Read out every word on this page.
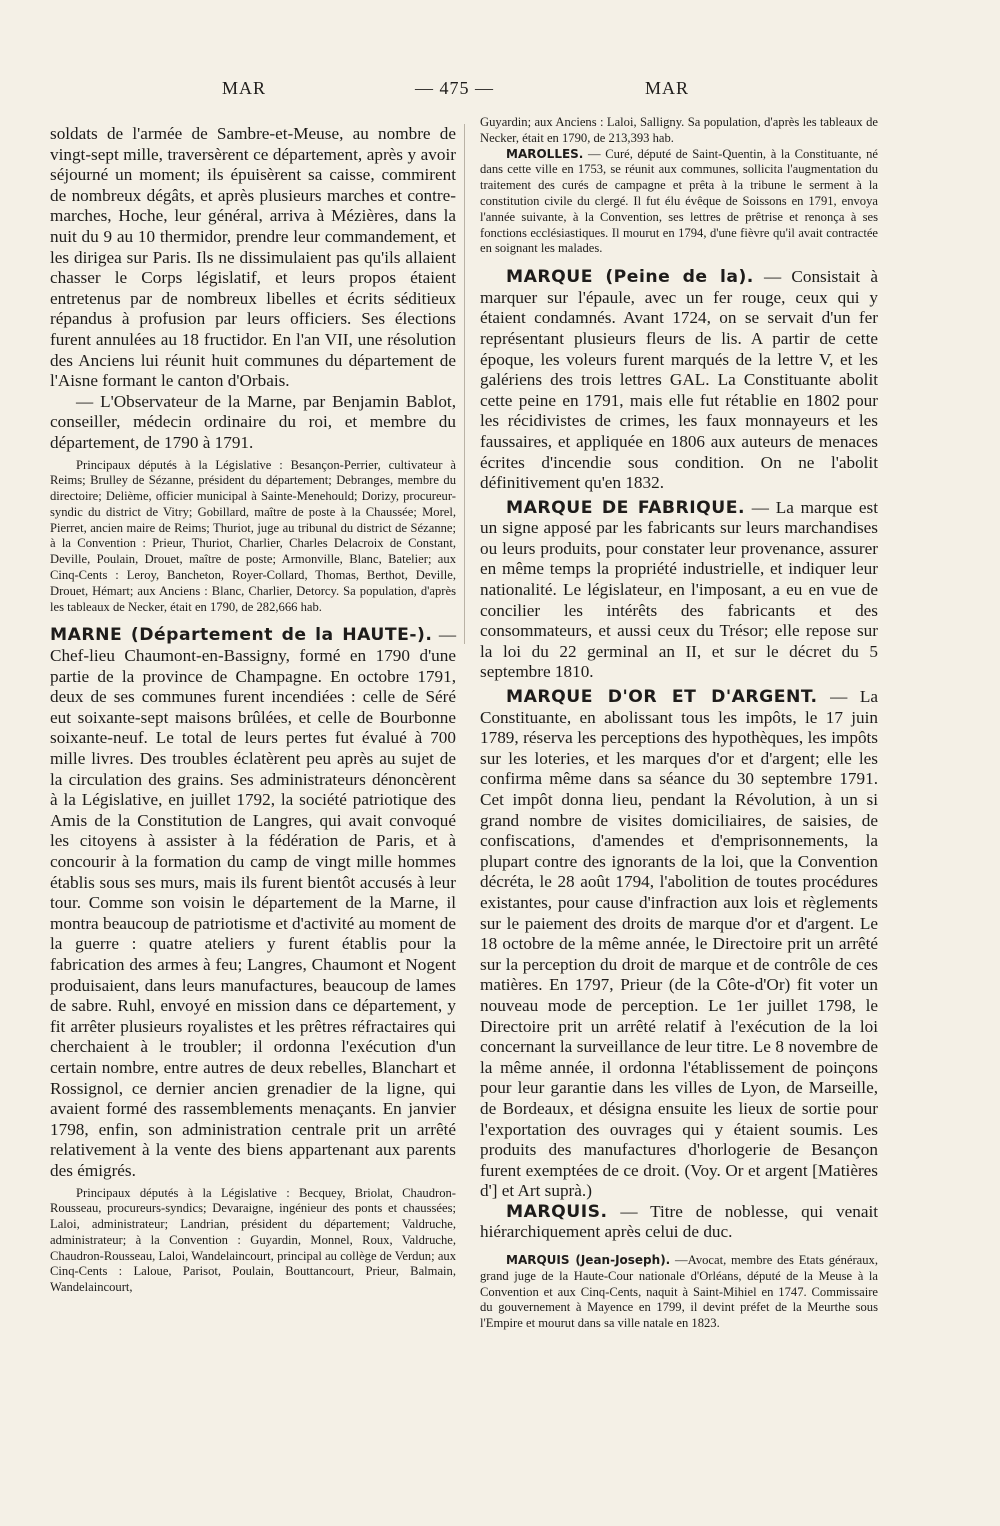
MAR	— 475 —	MAR

soldats de l'armée de Sambre-et-Meuse, au nombre de vingt-sept mille, traversèrent ce département, après y avoir séjourné un moment; ils épuisèrent sa caisse, commirent de nombreux dégâts, et après plusieurs marches et contre-marches, Hoche, leur général, arriva à Mézières, dans la nuit du 9 au 10 thermidor, prendre leur commandement, et les dirigea sur Paris. Ils ne dissimulaient pas qu'ils allaient chasser le Corps législatif, et leurs propos étaient entretenus par de nombreux libelles et écrits séditieux répandus à profusion par leurs officiers. Ses élections furent annulées au 18 fructidor. En l'an VII, une résolution des Anciens lui réunit huit communes du département de l'Aisne formant le canton d'Orbais.

— L'Observateur de la Marne, par Benjamin Bablot, conseiller, médecin ordinaire du roi, et membre du département, de 1790 à 1791.

Principaux députés à la Législative : Besançon-Perrier, cultivateur à Reims; Brulley de Sézanne, président du département; Debranges, membre du directoire; Delième, officier municipal à Sainte-Menehould; Dorizy, procureur-syndic du district de Vitry; Gobillard, maître de poste à la Chaussée; Morel, Pierret, ancien maire de Reims; Thuriot, juge au tribunal du district de Sézanne; à la Convention : Prieur, Thuriot, Charlier, Charles Delacroix de Constant, Deville, Poulain, Drouet, maître de poste; Armonville, Blanc, Batelier; aux Cinq-Cents : Leroy, Bancheton, Royer-Collard, Thomas, Berthot, Deville, Drouet, Hémart; aux Anciens : Blanc, Charlier, Detorcy. Sa population, d'après les tableaux de Necker, était en 1790, de 282,666 hab.

MARNE (Département de la HAUTE-). — Chef-lieu Chaumont-en-Bassigny, formé en 1790 d'une partie de la province de Champagne. En octobre 1791, deux de ses communes furent incendiées : celle de Séré eut soixante-sept maisons brûlées, et celle de Bourbonne soixante-neuf. Le total de leurs pertes fut évalué à 700 mille livres. Des troubles éclatèrent peu après au sujet de la circulation des grains. Ses administrateurs dénoncèrent à la Législative, en juillet 1792, la société patriotique des Amis de la Constitution de Langres, qui avait convoqué les citoyens à assister à la fédération de Paris, et à concourir à la formation du camp de vingt mille hommes établis sous ses murs, mais ils furent bientôt accusés à leur tour. Comme son voisin le département de la Marne, il montra beaucoup de patriotisme et d'activité au moment de la guerre : quatre ateliers y furent établis pour la fabrication des armes à feu; Langres, Chaumont et Nogent produisaient, dans leurs manufactures, beaucoup de lames de sabre. Ruhl, envoyé en mission dans ce département, y fit arrêter plusieurs royalistes et les prêtres réfractaires qui cherchaient à le troubler; il ordonna l'exécution d'un certain nombre, entre autres de deux rebelles, Blanchart et Rossignol, ce dernier ancien grenadier de la ligne, qui avaient formé des rassemblements menaçants. En janvier 1798, enfin, son administration centrale prit un arrêté relativement à la vente des biens appartenant aux parents des émigrés.

Principaux députés à la Législative : Becquey, Briolat, Chaudron-Rousseau, procureurs-syndics; Devaraigne, ingénieur des ponts et chaussées; Laloi, administrateur; Landrian, président du département; Valdruche, administrateur; à la Convention : Guyardin, Monnel, Roux, Valdruche, Chaudron-Rousseau, Laloi, Wandelaincourt, principal au collège de Verdun; aux Cinq-Cents : Laloue, Parisot, Poulain, Bouttancourt, Prieur, Balmain, Wandelaincourt,

Guyardin; aux Anciens : Laloi, Salligny. Sa population, d'après les tableaux de Necker, était en 1790, de 213,393 hab.

MAROLLES. — Curé, député de Saint-Quentin, à la Constituante, né dans cette ville en 1753, se réunit aux communes, sollicita l'augmentation du traitement des curés de campagne et prêta à la tribune le serment à la constitution civile du clergé. Il fut élu évêque de Soissons en 1791, envoya l'année suivante, à la Convention, ses lettres de prêtrise et renonça à ses fonctions ecclésiastiques. Il mourut en 1794, d'une fièvre qu'il avait contractée en soignant les malades.

MARQUE (Peine de la). — Consistait à marquer sur l'épaule, avec un fer rouge, ceux qui y étaient condamnés. Avant 1724, on se servait d'un fer représentant plusieurs fleurs de lis. A partir de cette époque, les voleurs furent marqués de la lettre V, et les galériens des trois lettres GAL. La Constituante abolit cette peine en 1791, mais elle fut rétablie en 1802 pour les récidivistes de crimes, les faux monnayeurs et les faussaires, et appliquée en 1806 aux auteurs de menaces écrites d'incendie sous condition. On ne l'abolit définitivement qu'en 1832.

MARQUE DE FABRIQUE. — La marque est un signe apposé par les fabricants sur leurs marchandises ou leurs produits, pour constater leur provenance, assurer en même temps la propriété industrielle, et indiquer leur nationalité. Le législateur, en l'imposant, a eu en vue de concilier les intérêts des fabricants et des consommateurs, et aussi ceux du Trésor; elle repose sur la loi du 22 germinal an II, et sur le décret du 5 septembre 1810.

MARQUE D'OR ET D'ARGENT. — La Constituante, en abolissant tous les impôts, le 17 juin 1789, réserva les perceptions des hypothèques, les impôts sur les loteries, et les marques d'or et d'argent; elle les confirma même dans sa séance du 30 septembre 1791. Cet impôt donna lieu, pendant la Révolution, à un si grand nombre de visites domiciliaires, de saisies, de confiscations, d'amendes et d'emprisonnements, la plupart contre des ignorants de la loi, que la Convention décréta, le 28 août 1794, l'abolition de toutes procédures existantes, pour cause d'infraction aux lois et règlements sur le paiement des droits de marque d'or et d'argent. Le 18 octobre de la même année, le Directoire prit un arrêté sur la perception du droit de marque et de contrôle de ces matières. En 1797, Prieur (de la Côte-d'Or) fit voter un nouveau mode de perception. Le 1er juillet 1798, le Directoire prit un arrêté relatif à l'exécution de la loi concernant la surveillance de leur titre. Le 8 novembre de la même année, il ordonna l'établissement de poinçons pour leur garantie dans les villes de Lyon, de Marseille, de Bordeaux, et désigna ensuite les lieux de sortie pour l'exportation des ouvrages qui y étaient soumis. Les produits des manufactures d'horlogerie de Besançon furent exemptées de ce droit. (Voy. Or et argent [Matières d'] et Art suprà.)

MARQUIS. — Titre de noblesse, qui venait hiérarchiquement après celui de duc.

MARQUIS (Jean-Joseph). —Avocat, membre des Etats généraux, grand juge de la Haute-Cour nationale d'Orléans, député de la Meuse à la Convention et aux Cinq-Cents, naquit à Saint-Mihiel en 1747. Commissaire du gouvernement à Mayence en 1799, il devint préfet de la Meurthe sous l'Empire et mourut dans sa ville natale en 1823.
